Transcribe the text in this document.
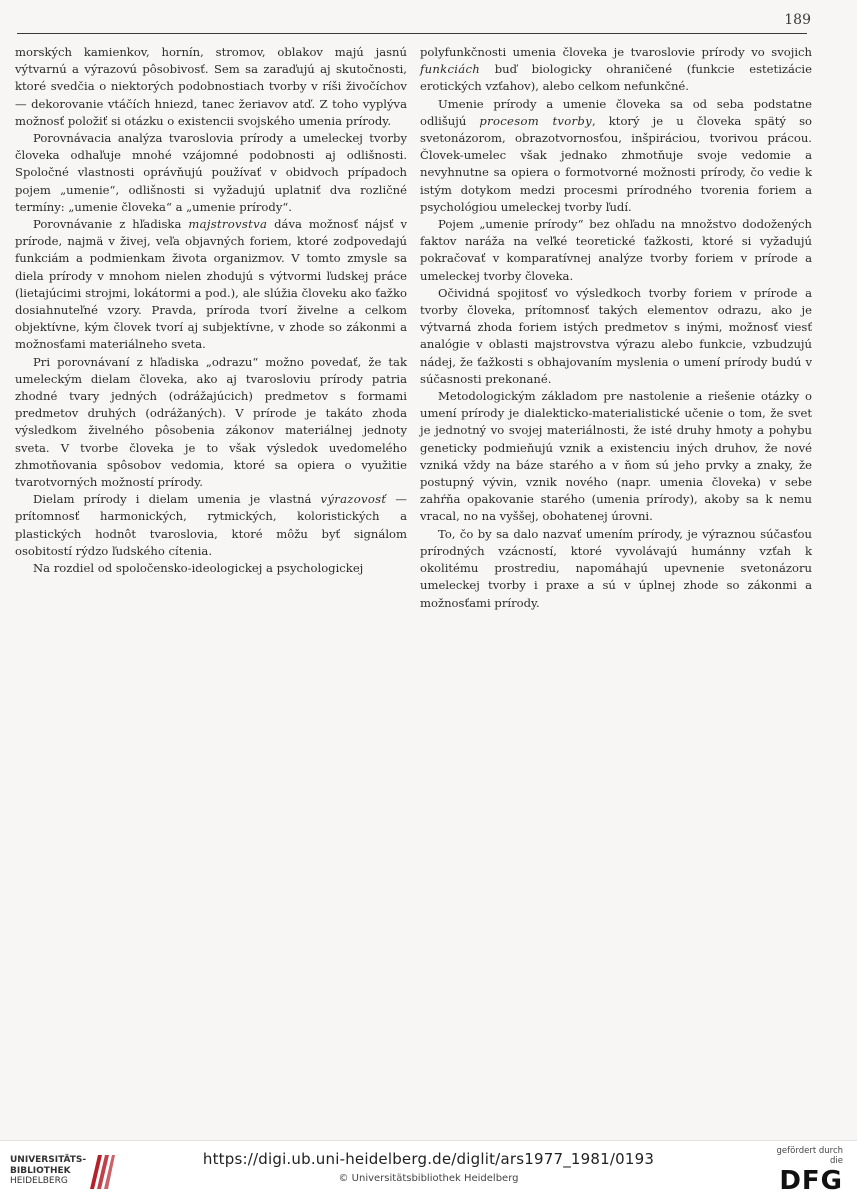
189

morských kamienkov, hornín, stromov, oblakov majú jasnú výtvarnú a výrazovú pôsobivosť. Sem sa zaraďujú aj skutočnosti, ktoré svedčia o niektorých podobnostiach tvorby v ríši živočíchov — dekorovanie vtáčích hniezd, tanec žeriavov atď. Z toho vyplýva možnosť položiť si otázku o existencii svojského umenia prírody.

Porovnávacia analýza tvaroslovia prírody a umeleckej tvorby človeka odhaľuje mnohé vzájomné podobnosti aj odlišnosti. Spoločné vlastnosti oprávňujú používať v obidvoch prípadoch pojem „umenie“, odlišnosti si vyžadujú uplatniť dva rozličné termíny: „umenie človeka“ a „umenie prírody“.

Porovnávanie z hľadiska majstrovstva dáva možnosť nájsť v prírode, najmä v živej, veľa objavných foriem, ktoré zodpovedajú funkciám a podmienkam života organizmov. V tomto zmysle sa diela prírody v mnohom nielen zhodujú s výtvormi ľudskej práce (lietajúcimi strojmi, lokátormi a pod.), ale slúžia človeku ako ťažko dosiahnuteľné vzory. Pravda, príroda tvorí živelne a celkom objektívne, kým človek tvorí aj subjektívne, v zhode so zákonmi a možnosťami materiálneho sveta.

Pri porovnávaní z hľadiska „odrazu“ možno povedať, že tak umeleckým dielam človeka, ako aj tvarosloviu prírody patria zhodné tvary jedných (odrážajúcich) predmetov s formami predmetov druhých (odrážaných). V prírode je takáto zhoda výsledkom živelného pôsobenia zákonov materiálnej jednoty sveta. V tvorbe človeka je to však výsledok uvedomelého zhmotňovania spôsobov vedomia, ktoré sa opiera o využitie tvarotvorných možností prírody.

Dielam prírody i dielam umenia je vlastná výrazovosť — prítomnosť harmonických, rytmických, koloristických a plastických hodnôt tvaroslovia, ktoré môžu byť signálom osobitostí rýdzo ľudského cítenia.

Na rozdiel od spoločensko-ideologickej a psychologickej

polyfunkčnosti umenia človeka je tvaroslovie prírody vo svojich funkciách buď biologicky ohraničené (funkcie estetizácie erotických vzťahov), alebo celkom nefunkčné.

Umenie prírody a umenie človeka sa od seba podstatne odlišujú procesom tvorby, ktorý je u človeka spätý so svetonázorom, obrazotvornosťou, inšpiráciou, tvorivou prácou. Človek-umelec však jednako zhmotňuje svoje vedomie a nevyhnutne sa opiera o formotvorné možnosti prírody, čo vedie k istým dotykom medzi procesmi prírodného tvorenia foriem a psychológiou umeleckej tvorby ľudí.

Pojem „umenie prírody“ bez ohľadu na množstvo dodožených faktov naráža na veľké teoretické ťažkosti, ktoré si vyžadujú pokračovať v komparatívnej analýze tvorby foriem v prírode a umeleckej tvorby človeka.

Očividná spojitosť vo výsledkoch tvorby foriem v prírode a tvorby človeka, prítomnosť takých elementov odrazu, ako je výtvarná zhoda foriem istých predmetov s inými, možnosť viesť analógie v oblasti majstrovstva výrazu alebo funkcie, vzbudzujú nádej, že ťažkosti s obhajovaním myslenia o umení prírody budú v súčasnosti prekonané.

Metodologickým základom pre nastolenie a riešenie otázky o umení prírody je dialekticko-materialistické učenie o tom, že svet je jednotný vo svojej materiálnosti, že isté druhy hmoty a pohybu geneticky podmieňujú vznik a existenciu iných druhov, že nové vzniká vždy na báze starého a v ňom sú jeho prvky a znaky, že postupný vývin, vznik nového (napr. umenia človeka) v sebe zahŕňa opakovanie starého (umenia prírody), akoby sa k nemu vracal, no na vyššej, obohatenej úrovni.

To, čo by sa dalo nazvať umením prírody, je výraznou súčasťou prírodných vzácností, ktoré vyvolávajú humánny vzťah k okolitému prostrediu, napomáhajú upevnenie svetonázoru umeleckej tvorby i praxe a sú v úplnej zhode so zákonmi a možnosťami prírody.

UNIVERSITÄTS-
BIBLIOTHEK
HEIDELBERG
https://digi.ub.uni-heidelberg.de/diglit/ars1977_1981/0193
© Universitätsbibliothek Heidelberg
gefördert durch die
DFG
